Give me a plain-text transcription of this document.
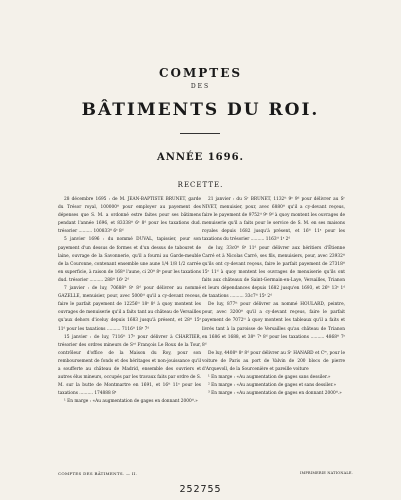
COMPTES
DES
BÂTIMENTS DU ROI.
ANNÉE 1696.
RECETTE.

28 décembre 1695 : de M. JEAN-BAPTISTE BRUNET, garde du Trésor royal, 100000ᵗᵗ pour employer au payement des dépenses que S. M. a ordonné estre faites pour ses bâtimens pendant l'année 1696, et 83338ᵗᵗ 6ˢ 8ᵈ pour les taxations dud. trésorier .......... 100833ᵗᵗ 6ˢ 8ᵈ

5 janvier 1696 : du nommé DUVAL, tapissier, pour son payement d'un dessus de formes et d'un dessus de tabouret de laine, ouvrage de la Savonnerie, qu'il a fourni au Garde-meuble de la Couronne, contenant ensemble une aune 1/4 1/8 1/2 carrée en superficie, à raison de 168ᵗᵗ l'aune, ci 20ᵗᵗ 8ˢ pour les taxations dud. trésorier .......... 288ᵗᵗ 16ˢ 2ᵈ

7 janvier : de luy, 70688ᵗᵗ 8ˢ 8ᵈ pour délivrer au nommé GAZELLE, menuisier, pour, avec 5000ᵗᵗ qu'il a cy-devant receus, faire le parfait payement de 12256ᵗᵗ 18ˢ 8ᵈ à quoy montent les ouvrages de menuiserie qu'il a faits tant au château de Versailles qu'aux dehors d'iceluy depuis 1683 jusqu'à présent, et 28ᵗᵗ 15ˢ 11ᵈ pour les taxations .......... 7116ᵗᵗ 18ˢ 7ᵈ

15 janvier : de luy, 7116ᵗᵗ 17ˢ pour délivrer à CHARTIER, trésorier des ordres mineurs de Sⁿᵗ François Le Roux de la Tour, contrôleur d'office de la Maison du Roy, pour son remboursement de fonds et des héritages et non-jouissance qu'il a soufferte au château de Madrid, ensemble des ouvriers et autres élus mineurs, occupés par les travaux faits par ordre de S. M. sur la butte de Montmartre en 1691, et 16ᵗᵗ 11ˢ pour les taxations .......... 174888 8ˢ

¹ En marge : «Au augmentation de gages en donnant 2000ᵗᵗ.»

21 janvier : du Sʳ BRUNET, 1132ᵗᵗ 9ˢ 9ᵈ pour délivrer au Sʳ NIVET, menuisier, pour, avec 6880ᵗᵗ qu'il a cy-devant reçeus, faire le payement de 9752ᵗᵗ 9ˢ 9ᵈ à quoy montent les ouvrages de menuiserie qu'il a faits pour le service de S. M. en ses maisons royales depuis 1682 jusqu'à présent, et 16ᵗᵗ 11ˢ pour les taxations du trésorier .......... 1163ᵗᵗ 1ˢ 2ᵈ

de luy, 33c0ᵗᵗ 8ˢ 11ᵈ pour délivrer aux héritiers d'Étienne Carré et à Nicolas Carré, ses fils, menuisiers, pour, avec 23932ᵗᵗ qu'ils ont cy-devant reçeus, faire le parfait payement de 27318ᵗᵗ 15ˢ 11ᵈ à quoy montent les ouvrages de menuiserie qu'ils ont faits aux châteaux de Saint-Germain-en-Laye, Versailles, Trianon et leurs dépendances depuis 1682 jusqu'en 1693, et 26ᵗᵗ 13ˢ 1ᵈ de taxations .......... 33c7ᵗᵗ 15ˢ 2ᵈ

De luy, 877ᵗᵗ pour délivrer au nommé HOULARD, peintre, pour, avec 3200ᵗᵗ qu'il a cy-devant reçeus, faire le parfait payement de 7072ᵗᵗ à quoy montent les tableaux qu'il a faits et livrés tant à la paroisse de Versailles qu'au château de Trianon en 1686 et 1688, et 38ᵗᵗ 7ˢ 8ᵈ pour les taxations .......... 4868ᵗᵗ 7ˢ 8ᵈ

De luy, 4408ᵗᵗ 8ˢ 8ᵈ pour délivrer au Sʳ HANARD et Cⁱᵉ, pour le voiture de Paris au port de Valvin de 200 blocs de pierre d'Arquevoll, de la Sourcenière et pareille voiture

¹ En marge : «Au augmentation de gages sans dessiler.»

² En marge : «Au augmentation de gages et sans dessiler.»

³ En marge : «Au augmentation de gages en donnant 2000ᵗᵗ.»

COMPTES DES BÂTIMENTS. — II.	IMPRIMERIE NATIONALE.
252755
